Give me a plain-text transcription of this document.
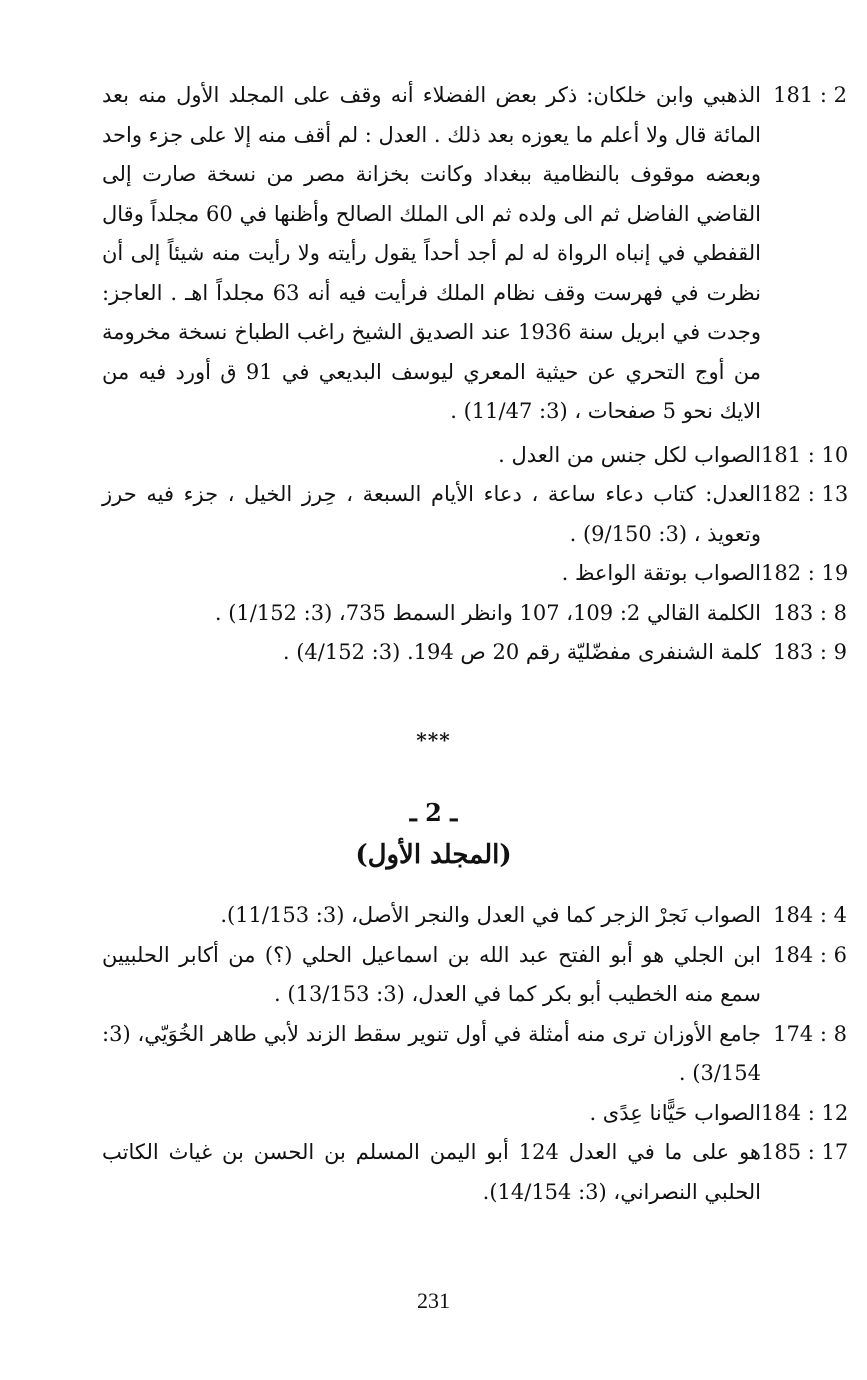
181 : 2
الذهبي وابن خلكان: ذكر بعض الفضلاء أنه وقف على المجلد الأول منه بعد المائة قال ولا أعلم ما يعوزه بعد ذلك . العدل : لم أقف منه إلا على جزء واحد وبعضه موقوف بالنظامية ببغداد وكانت بخزانة مصر من نسخة صارت إلى القاضي الفاضل ثم الى ولده ثم الى الملك الصالح وأظنها في 60 مجلداً وقال القفطي في إنباه الرواة له لم أجد أحداً يقول رأيته ولا رأيت منه شيئاً إلى أن نظرت في فهرست وقف نظام الملك فرأيت فيه أنه 63 مجلداً اهـ . العاجز: وجدت في ابريل سنة 1936 عند الصديق الشيخ راغب الطباخ نسخة مخرومة من أوج التحري عن حيثية المعري ليوسف البديعي في 91 ق أورد فيه من الايك نحو 5 صفحات ، (3: 11/47) .
181 : 10
الصواب لكل جنس من العدل .
182 : 13
العدل: كتاب دعاء ساعة ، دعاء الأيام السبعة ، حِرز الخيل ، جزء فيه حرز وتعويذ ، (3: 9/150) .
182 : 19
الصواب بوتقة الواعظ .
183 : 8
الكلمة القالي 2: 109، 107 وانظر السمط 735، (3: 1/152) .
183 : 9
كلمة الشنفرى مفضّليّة رقم 20 ص 194. (3: 4/152) .
***
ـ 2 ـ
(المجلد الأول)
184 : 4
الصواب نَجرْ الزجر كما في العدل والنجر الأصل، (3: 11/153).
184 : 6
ابن الجلي هو أبو الفتح عبد الله بن اسماعيل الحلي (؟) من أكابر الحلبيين سمع منه الخطيب أبو بكر كما في العدل، (3: 13/153) .
174 : 8
جامع الأوزان ترى منه أمثلة في أول تنوير سقط الزند لأبي طاهر الخُوَيّي، (3: 3/154) .
184 : 12
الصواب حَيًّانا عِدًى .
185 : 17
هو على ما في العدل 124 أبو اليمن المسلم بن الحسن بن غياث الكاتب الحلبي النصراني، (3: 14/154).
231
